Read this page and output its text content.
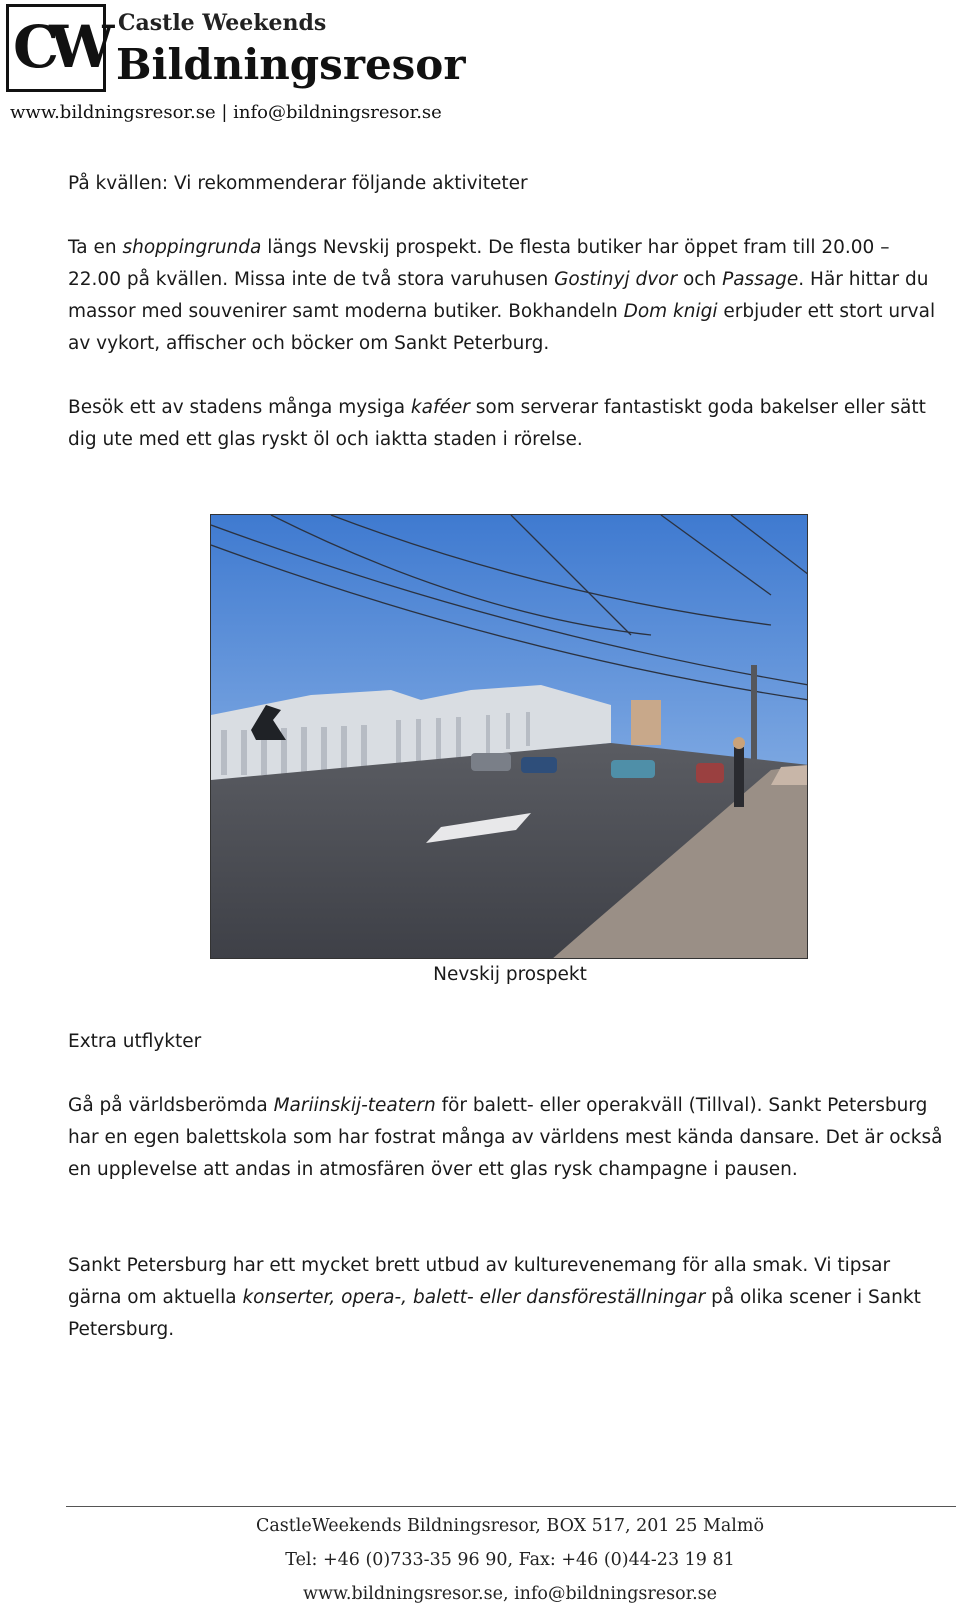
CW Castle Weekends
Bildningsresor
www.bildningsresor.se | info@bildningsresor.se

På kvällen: Vi rekommenderar följande aktiviteter

Ta en shoppingrunda längs Nevskij prospekt. De flesta butiker har öppet fram till 20.00 – 22.00 på kvällen. Missa inte de två stora varuhusen Gostinyj dvor och Passage. Här hittar du massor med souvenirer samt moderna butiker. Bokhandeln Dom knigi erbjuder ett stort urval av vykort, affischer och böcker om Sankt Peterburg.

Besök ett av stadens många mysiga kaféer som serverar fantastiskt goda bakelser eller sätt dig ute med ett glas ryskt öl och iaktta staden i rörelse.

Nevskij prospekt

Extra utflykter

Gå på världsberömda Mariinskij-teatern för balett- eller operakväll (Tillval). Sankt Petersburg har en egen balettskola som har fostrat många av världens mest kända dansare. Det är också en upplevelse att andas in atmosfären över ett glas rysk champagne i pausen.

Sankt Petersburg har ett mycket brett utbud av kulturevenemang för alla smak. Vi tipsar gärna om aktuella konserter, opera-, balett- eller dansföreställningar på olika scener i Sankt Petersburg.

CastleWeekends Bildningsresor, BOX 517, 201 25 Malmö
Tel: +46 (0)733-35 96 90, Fax: +46 (0)44-23 19 81
www.bildningsresor.se, info@bildningsresor.se
